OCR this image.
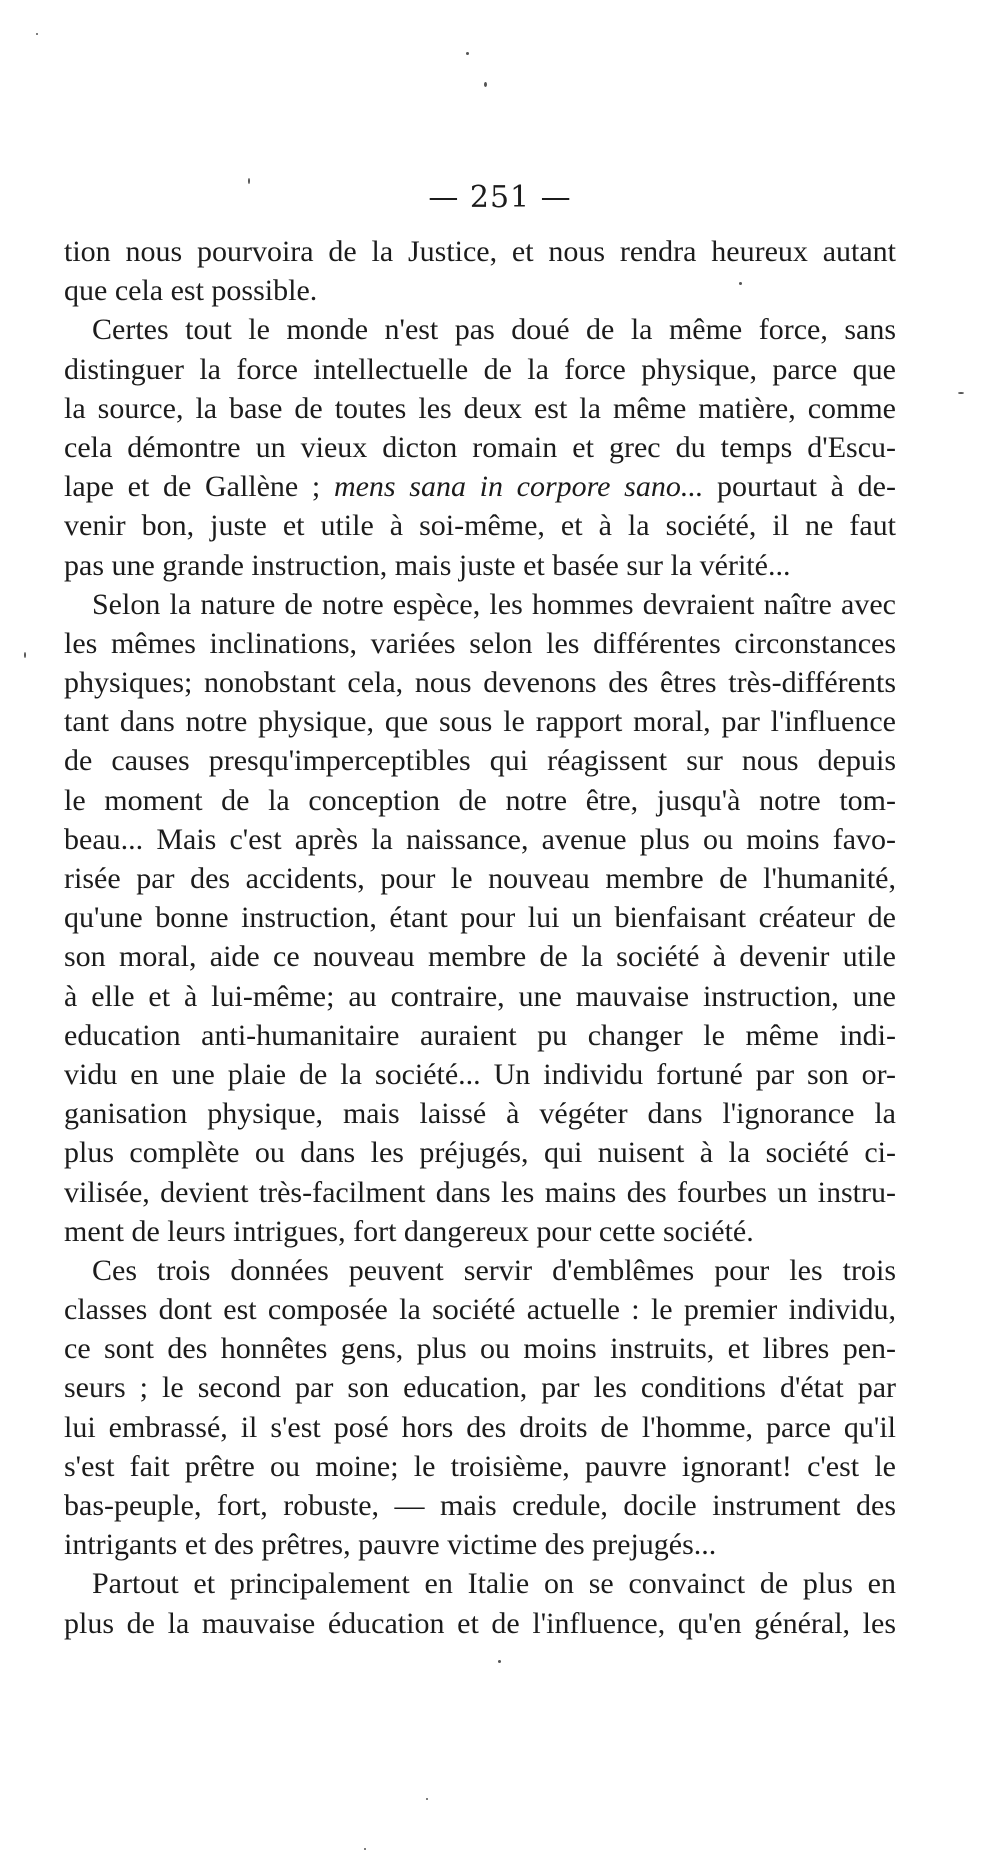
— 251 —
tion nous pourvoira de la Justice, et nous rendra heureux autant
que cela est possible.
Certes tout le monde n'est pas doué de la même force, sans
distinguer la force intellectuelle de la force physique, parce que
la source, la base de toutes les deux est la même matière, comme
cela démontre un vieux dicton romain et grec du temps d'Escu-
lape et de Gallène ; mens sana in corpore sano... pourtaut à de-
venir bon, juste et utile à soi-même, et à la société, il ne faut
pas une grande instruction, mais juste et basée sur la vérité...
Selon la nature de notre espèce, les hommes devraient naître avec
les mêmes inclinations, variées selon les différentes circonstances
physiques; nonobstant cela, nous devenons des êtres très-différents
tant dans notre physique, que sous le rapport moral, par l'influence
de causes presqu'imperceptibles qui réagissent sur nous depuis
le moment de la conception de notre être, jusqu'à notre tom-
beau... Mais c'est après la naissance, avenue plus ou moins favo-
risée par des accidents, pour le nouveau membre de l'humanité,
qu'une bonne instruction, étant pour lui un bienfaisant créateur de
son moral, aide ce nouveau membre de la société à devenir utile
à elle et à lui-même; au contraire, une mauvaise instruction, une
education anti-humanitaire auraient pu changer le même indi-
vidu en une plaie de la société... Un individu fortuné par son or-
ganisation physique, mais laissé à végéter dans l'ignorance la
plus complète ou dans les préjugés, qui nuisent à la société ci-
vilisée, devient très-facilment dans les mains des fourbes un instru-
ment de leurs intrigues, fort dangereux pour cette société.
Ces trois données peuvent servir d'emblêmes pour les trois
classes dont est composée la société actuelle : le premier individu,
ce sont des honnêtes gens, plus ou moins instruits, et libres pen-
seurs ; le second par son education, par les conditions d'état par
lui embrassé, il s'est posé hors des droits de l'homme, parce qu'il
s'est fait prêtre ou moine; le troisième, pauvre ignorant! c'est le
bas-peuple, fort, robuste, — mais credule, docile instrument des
intrigants et des prêtres, pauvre victime des prejugés...
Partout et principalement en Italie on se convainct de plus en
plus de la mauvaise éducation et de l'influence, qu'en général, les
